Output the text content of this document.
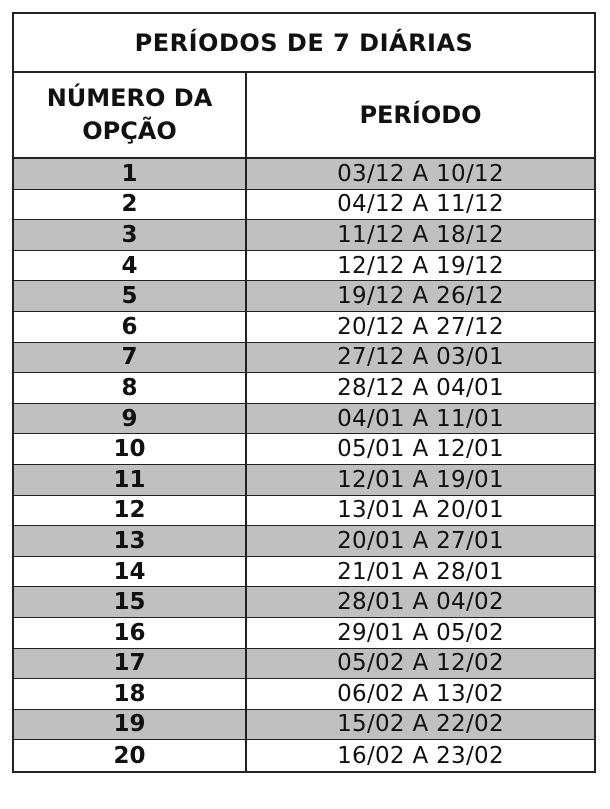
PERÍODOS DE 7 DIÁRIAS
NÚMERO DA
OPÇÃO
PERÍODO
1	03/12 A 10/12
2	04/12 A 11/12
3	11/12 A 18/12
4	12/12 A 19/12
5	19/12 A 26/12
6	20/12 A 27/12
7	27/12 A 03/01
8	28/12 A 04/01
9	04/01 A 11/01
10	05/01 A 12/01
11	12/01 A 19/01
12	13/01 A 20/01
13	20/01 A 27/01
14	21/01 A 28/01
15	28/01 A 04/02
16	29/01 A 05/02
17	05/02 A 12/02
18	06/02 A 13/02
19	15/02 A 22/02
20	16/02 A 23/02
